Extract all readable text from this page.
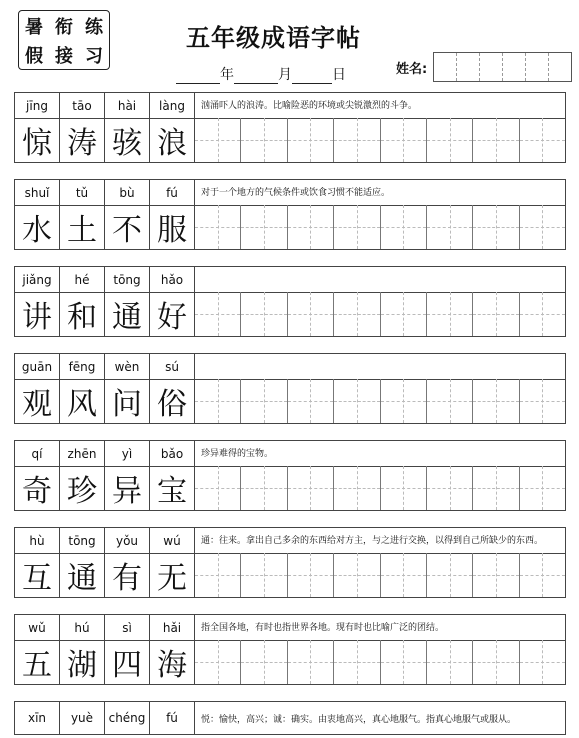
暑 衔 练
假 接 习
五年级成语字帖
年	月	日	姓名:
jīng	tāo	hài	làng	汹涌吓人的浪涛。比喻险恶的环境或尖锐激烈的斗争。
惊 涛 骇 浪
shuǐ	tǔ	bù	fú	对于一个地方的气候条件或饮食习惯不能适应。
水 土 不 服
jiǎng	hé	tōng	hǎo
讲 和 通 好
guān	fēng	wèn	sú
观 风 问 俗
qí	zhēn	yì	bǎo	珍异难得的宝物。
奇 珍 异 宝
hù	tōng	yǒu	wú	通：往来。拿出自己多余的东西给对方主，与之进行交换，以得到自己所缺少的东西。
互 通 有 无
wǔ	hú	sì	hǎi	指全国各地，有时也指世界各地。现有时也比喻广泛的团结。
五 湖 四 海
xīn	yuè	chéng	fú	悦：愉快，高兴；诚：确实。由衷地高兴，真心地服气。指真心地服气或服从。
